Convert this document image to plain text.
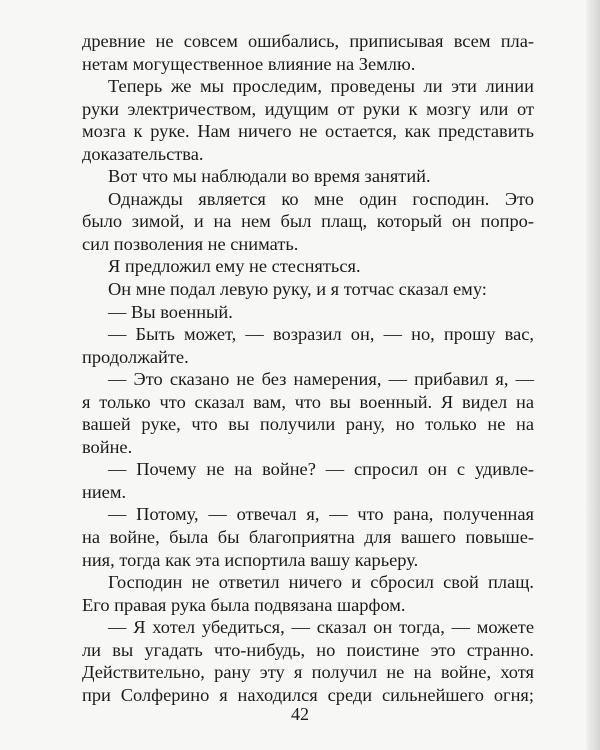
древние не совсем ошибались, приписывая всем пла-
нетам могущественное влияние на Землю.
Теперь же мы проследим, проведены ли эти линии
руки электричеством, идущим от руки к мозгу или от
мозга к руке. Нам ничего не остается, как представить
доказательства.
Вот что мы наблюдали во время занятий.
Однажды является ко мне один господин. Это
было зимой, и на нем был плащ, который он попро-
сил позволения не снимать.
Я предложил ему не стесняться.
Он мне подал левую руку, и я тотчас сказал ему:
— Вы военный.
— Быть может, — возразил он, — но, прошу вас,
продолжайте.
— Это сказано не без намерения, — прибавил я, —
я только что сказал вам, что вы военный. Я видел на
вашей руке, что вы получили рану, но только не на
войне.
— Почему не на войне? — спросил он с удивле-
нием.
— Потому, — отвечал я, — что рана, полученная
на войне, была бы благоприятна для вашего повыше-
ния, тогда как эта испортила вашу карьеру.
Господин не ответил ничего и сбросил свой плащ.
Его правая рука была подвязана шарфом.
— Я хотел убедиться, — сказал он тогда, — можете
ли вы угадать что-нибудь, но поистине это странно.
Действительно, рану эту я получил не на войне, хотя
при Солферино я находился среди сильнейшего огня;
42
